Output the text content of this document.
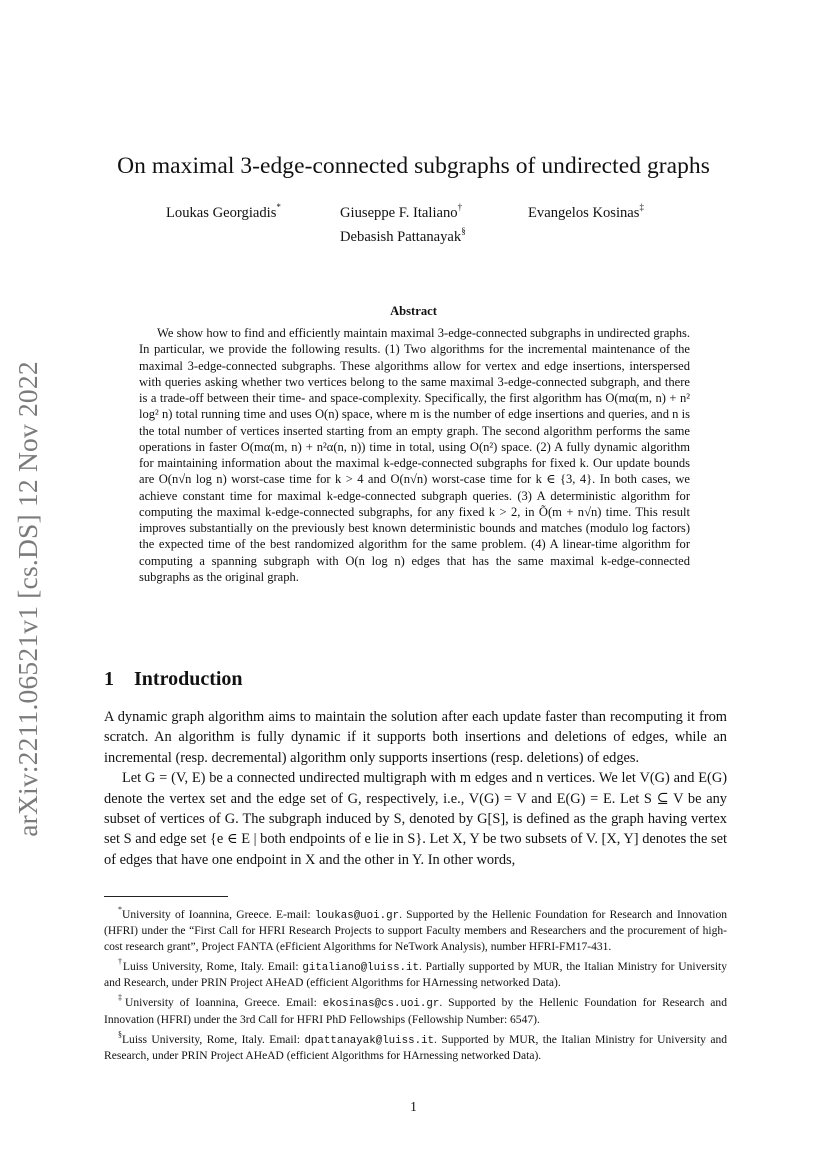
arXiv:2211.06521v1 [cs.DS] 12 Nov 2022
On maximal 3-edge-connected subgraphs of undirected graphs
Loukas Georgiadis*	Giuseppe F. Italiano†	Evangelos Kosinas‡
Debasish Pattanayak§
Abstract

We show how to find and efficiently maintain maximal 3-edge-connected subgraphs in undirected graphs. In particular, we provide the following results. (1) Two algorithms for the incremental maintenance of the maximal 3-edge-connected subgraphs. These algorithms allow for vertex and edge insertions, interspersed with queries asking whether two vertices belong to the same maximal 3-edge-connected subgraph, and there is a trade-off between their time- and space-complexity. Specifically, the first algorithm has O(mα(m, n) + n² log² n) total running time and uses O(n) space, where m is the number of edge insertions and queries, and n is the total number of vertices inserted starting from an empty graph. The second algorithm performs the same operations in faster O(mα(m, n) + n²α(n, n)) time in total, using O(n²) space. (2) A fully dynamic algorithm for maintaining information about the maximal k-edge-connected subgraphs for fixed k. Our update bounds are O(n√n log n) worst-case time for k > 4 and O(n√n) worst-case time for k ∈ {3, 4}. In both cases, we achieve constant time for maximal k-edge-connected subgraph queries. (3) A deterministic algorithm for computing the maximal k-edge-connected subgraphs, for any fixed k > 2, in Õ(m + n√n) time. This result improves substantially on the previously best known deterministic bounds and matches (modulo log factors) the expected time of the best randomized algorithm for the same problem. (4) A linear-time algorithm for computing a spanning subgraph with O(n log n) edges that has the same maximal k-edge-connected subgraphs as the original graph.

1 Introduction

A dynamic graph algorithm aims to maintain the solution after each update faster than recomputing it from scratch. An algorithm is fully dynamic if it supports both insertions and deletions of edges, while an incremental (resp. decremental) algorithm only supports insertions (resp. deletions) of edges.

Let G = (V, E) be a connected undirected multigraph with m edges and n vertices. We let V(G) and E(G) denote the vertex set and the edge set of G, respectively, i.e., V(G) = V and E(G) = E. Let S ⊆ V be any subset of vertices of G. The subgraph induced by S, denoted by G[S], is defined as the graph having vertex set S and edge set {e ∈ E | both endpoints of e lie in S}. Let X, Y be two subsets of V. [X, Y] denotes the set of edges that have one endpoint in X and the other in Y. In other words,

*University of Ioannina, Greece. E-mail: loukas@uoi.gr. Supported by the Hellenic Foundation for Research and Innovation (HFRI) under the “First Call for HFRI Research Projects to support Faculty members and Researchers and the procurement of high-cost research grant”, Project FANTA (eFficient Algorithms for NeTwork Analysis), number HFRI-FM17-431.

†Luiss University, Rome, Italy. Email: gitaliano@luiss.it. Partially supported by MUR, the Italian Ministry for University and Research, under PRIN Project AHeAD (efficient Algorithms for HArnessing networked Data).

‡University of Ioannina, Greece. Email: ekosinas@cs.uoi.gr. Supported by the Hellenic Foundation for Research and Innovation (HFRI) under the 3rd Call for HFRI PhD Fellowships (Fellowship Number: 6547).

§Luiss University, Rome, Italy. Email: dpattanayak@luiss.it. Supported by MUR, the Italian Ministry for University and Research, under PRIN Project AHeAD (efficient Algorithms for HArnessing networked Data).

1
